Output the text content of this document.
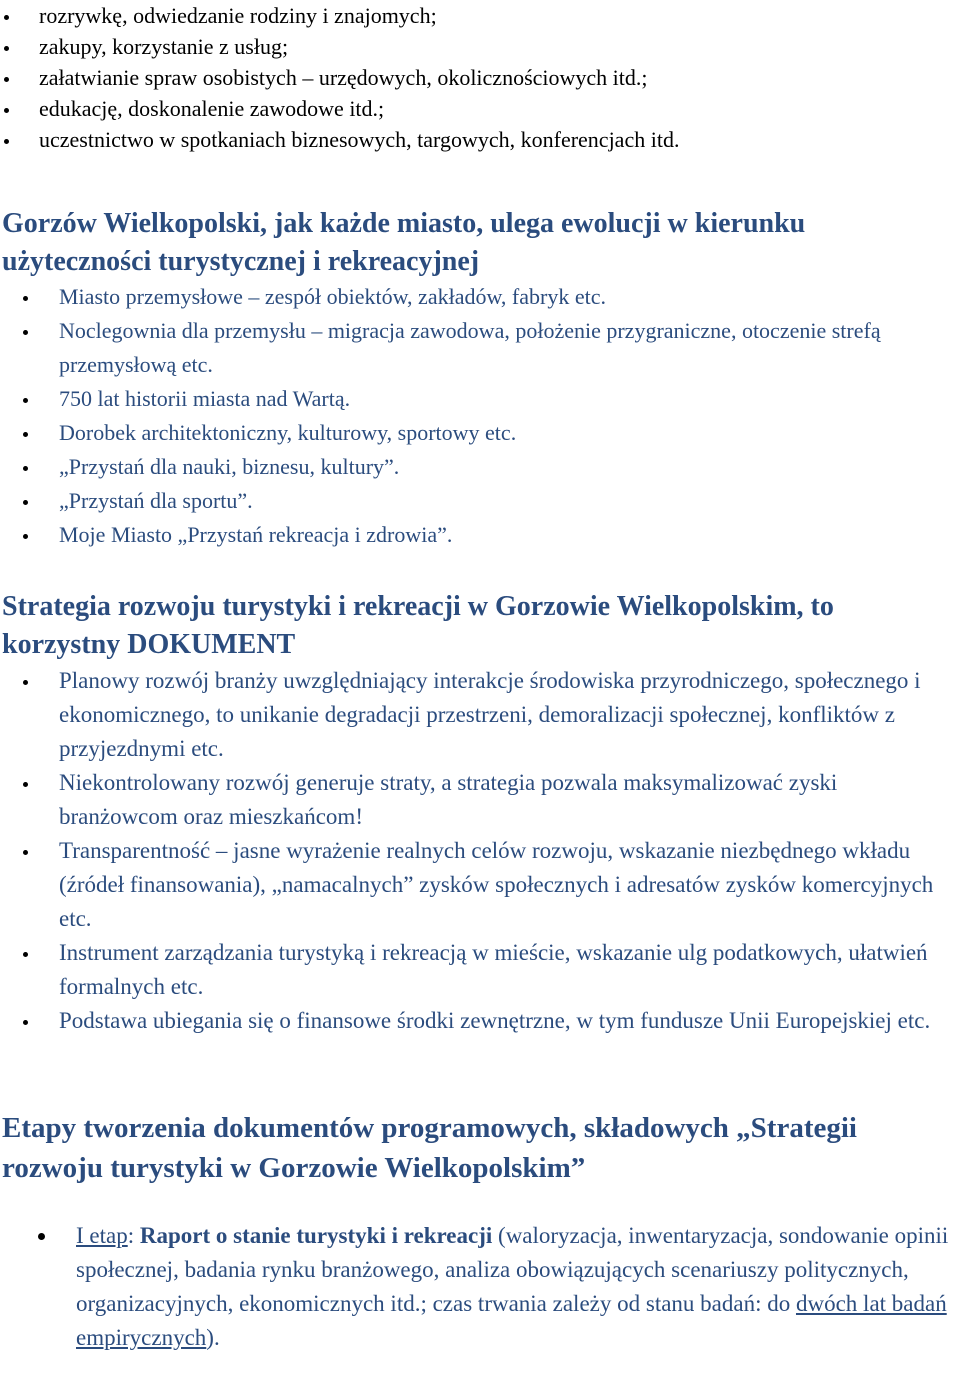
rozrywkę, odwiedzanie rodziny i znajomych;
zakupy, korzystanie z usług;
załatwianie spraw osobistych – urzędowych, okolicznościowych itd.;
edukację, doskonalenie zawodowe itd.;
uczestnictwo w spotkaniach biznesowych, targowych, konferencjach itd.
Gorzów Wielkopolski, jak każde miasto, ulega ewolucji w kierunku użyteczności turystycznej i rekreacyjnej
Miasto przemysłowe – zespół obiektów, zakładów, fabryk etc.
Noclegownia dla przemysłu – migracja zawodowa, położenie przygraniczne, otoczenie strefą przemysłową etc.
750 lat historii miasta nad Wartą.
Dorobek architektoniczny, kulturowy, sportowy etc.
„Przystań dla nauki, biznesu, kultury”.
„Przystań dla sportu”.
Moje Miasto „Przystań rekreacja i zdrowia”.
Strategia rozwoju turystyki i rekreacji w Gorzowie Wielkopolskim, to korzystny DOKUMENT
Planowy rozwój branży uwzględniający interakcje środowiska przyrodniczego, społecznego i ekonomicznego, to unikanie degradacji przestrzeni, demoralizacji społecznej, konfliktów z przyjezdnymi etc.
Niekontrolowany rozwój generuje straty, a strategia pozwala maksymalizować zyski branżowcom oraz mieszkańcom!
Transparentność – jasne wyrażenie realnych celów rozwoju, wskazanie niezbędnego wkładu (źródeł finansowania), „namacalnych” zysków społecznych i adresatów zysków komercyjnych etc.
Instrument zarządzania turystyką i rekreacją w mieście, wskazanie ulg podatkowych, ułatwień formalnych etc.
Podstawa ubiegania się o finansowe środki zewnętrzne, w tym fundusze Unii Europejskiej etc.
Etapy tworzenia dokumentów programowych, składowych „Strategii rozwoju turystyki w Gorzowie Wielkopolskim”
I etap: Raport o stanie turystyki i rekreacji (waloryzacja, inwentaryzacja, sondowanie opinii społecznej, badania rynku branżowego, analiza obowiązujących scenariuszy politycznych, organizacyjnych, ekonomicznych itd.; czas trwania zależy od stanu badań: do dwóch lat badań empirycznych).
